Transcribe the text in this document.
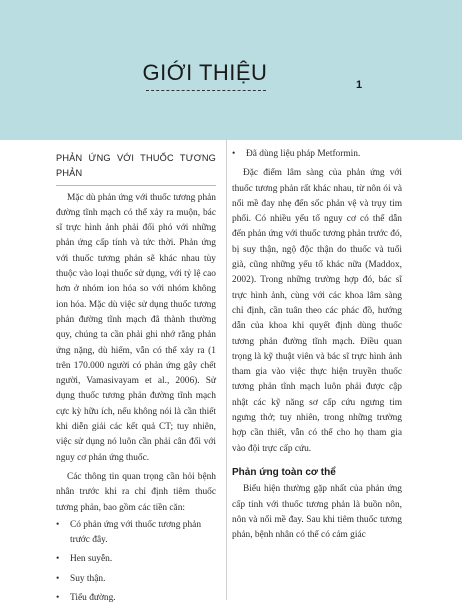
GIỚI THIỆU	1
PHẢN ỨNG VỚI THUỐC TƯƠNG PHẢN

Mặc dù phản ứng với thuốc tương phản đường tĩnh mạch có thể xảy ra muộn, bác sĩ trực hình ảnh phải đối phó với những phản ứng cấp tính và tức thời. Phản ứng với thuốc tương phản sẽ khác nhau tùy thuộc vào loại thuốc sử dụng, với tỷ lệ cao hơn ở nhóm ion hóa so với nhóm không ion hóa. Mặc dù việc sử dụng thuốc tương phản đường tĩnh mạch đã thành thường quy, chúng ta cần phải ghi nhớ rằng phản ứng nặng, dù hiếm, vẫn có thể xảy ra (1 trên 170.000 người có phản ứng gây chết người, Vamasivayam et al., 2006). Sử dụng thuốc tương phản đường tĩnh mạch cực kỳ hữu ích, nếu không nói là cần thiết khi diễn giải các kết quả CT; tuy nhiên, việc sử dụng nó luôn cần phải cân đối với nguy cơ phản ứng thuốc.

Các thông tin quan trọng cần hỏi bệnh nhân trước khi ra chỉ định tiêm thuốc tương phản, bao gồm các tiền căn:

• Có phản ứng với thuốc tương phản trước đây.
• Hen suyễn.
• Suy thận.
• Tiểu đường.
• Đã dùng liệu pháp Metformin.

Đặc điểm lâm sàng của phản ứng với thuốc tương phản rất khác nhau, từ nôn ói và nổi mề đay nhẹ đến sốc phản vệ và trụy tim phổi. Có nhiều yếu tố nguy cơ có thể dẫn đến phản ứng với thuốc tương phản trước đó, bị suy thận, ngộ độc thận do thuốc và tuổi già, cũng những yếu tố khác nữa (Maddox, 2002). Trong những trường hợp đó, bác sĩ trực hình ảnh, cùng với các khoa lâm sàng chỉ định, cần tuân theo các phác đồ, hướng dẫn của khoa khi quyết định dùng thuốc tương phản đường tĩnh mạch. Điều quan trọng là kỹ thuật viên và bác sĩ trực hình ảnh tham gia vào việc thực hiện truyền thuốc tương phản tĩnh mạch luôn phải được cập nhật các kỹ năng sơ cấp cứu ngưng tim ngưng thở; tuy nhiên, trong những trường hợp cần thiết, vẫn có thể cho họ tham gia vào đội trực cấp cứu.

Phản ứng toàn cơ thể

Biểu hiện thường gặp nhất của phản ứng cấp tính với thuốc tương phản là buồn nôn, nôn và nổi mề đay. Sau khi tiêm thuốc tương phản, bệnh nhân có thể có cảm giác
